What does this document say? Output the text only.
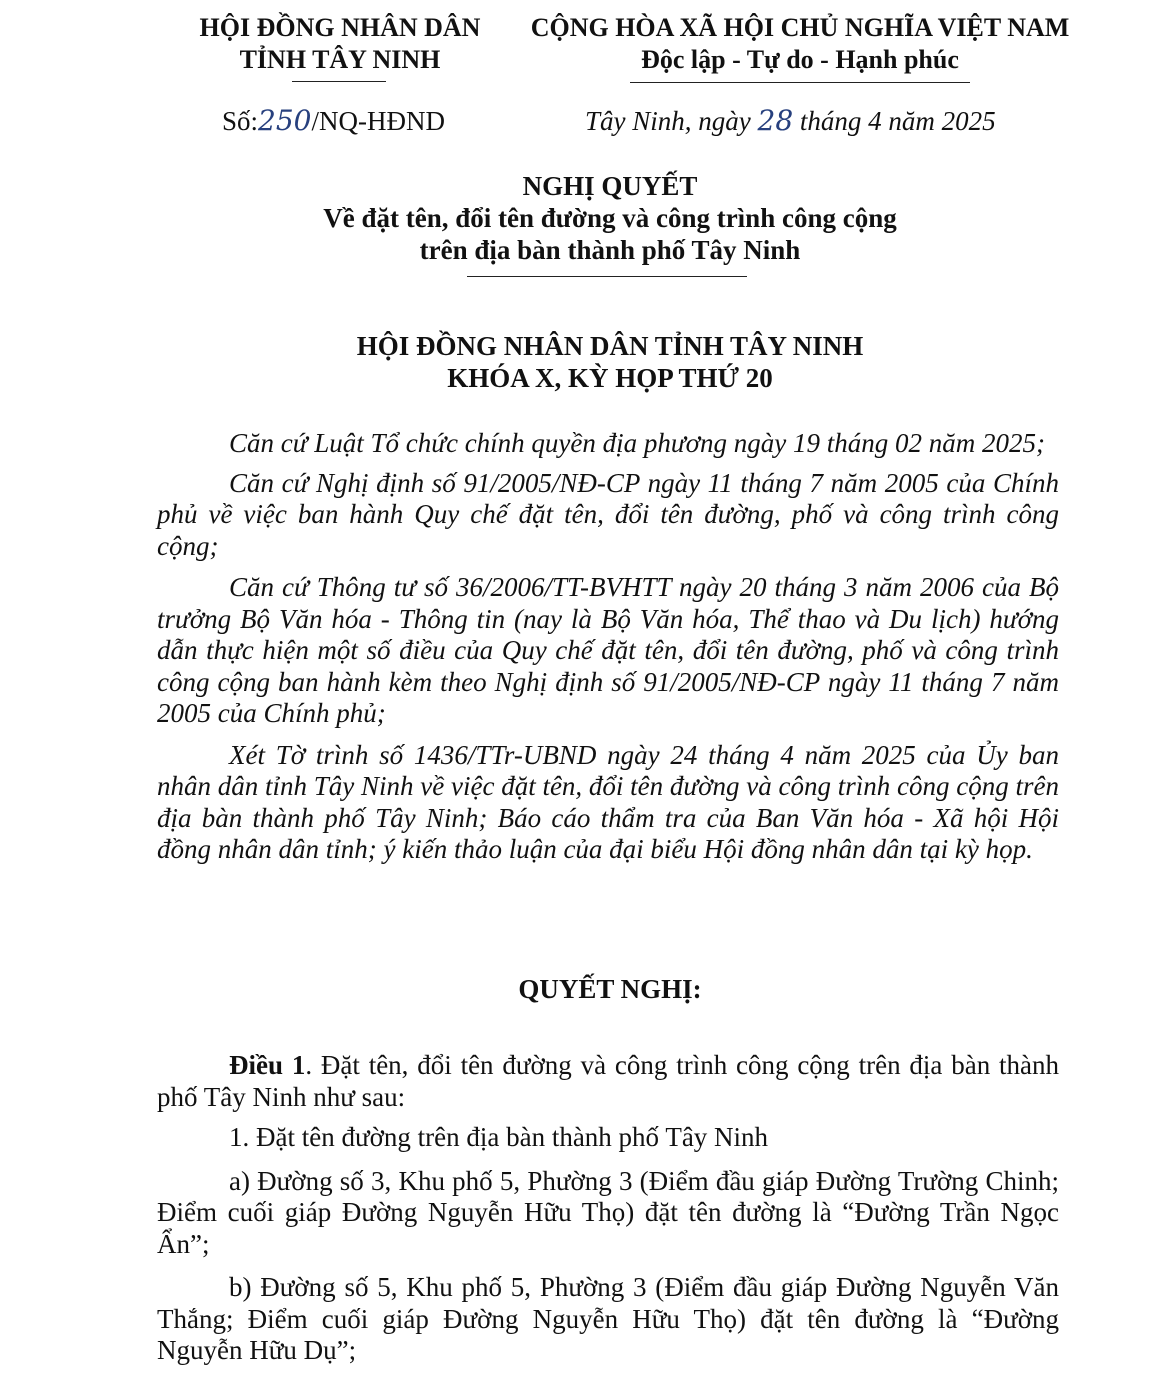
HỘI ĐỒNG NHÂN DÂN
TỈNH TÂY NINH
CỘNG HÒA XÃ HỘI CHỦ NGHĨA VIỆT NAM
Độc lập - Tự do - Hạnh phúc
Số:250/NQ-HĐND	Tây Ninh, ngày 28 tháng 4 năm 2025
NGHỊ QUYẾT
Về đặt tên, đổi tên đường và công trình công cộng
trên địa bàn thành phố Tây Ninh
HỘI ĐỒNG NHÂN DÂN TỈNH TÂY NINH
KHÓA X, KỲ HỌP THỨ 20

Căn cứ Luật Tổ chức chính quyền địa phương ngày 19 tháng 02 năm 2025;

Căn cứ Nghị định số 91/2005/NĐ-CP ngày 11 tháng 7 năm 2005 của Chính phủ về việc ban hành Quy chế đặt tên, đổi tên đường, phố và công trình công cộng;

Căn cứ Thông tư số 36/2006/TT-BVHTT ngày 20 tháng 3 năm 2006 của Bộ trưởng Bộ Văn hóa - Thông tin (nay là Bộ Văn hóa, Thể thao và Du lịch) hướng dẫn thực hiện một số điều của Quy chế đặt tên, đổi tên đường, phố và công trình công cộng ban hành kèm theo Nghị định số 91/2005/NĐ-CP ngày 11 tháng 7 năm 2005 của Chính phủ;

Xét Tờ trình số 1436/TTr-UBND ngày 24 tháng 4 năm 2025 của Ủy ban nhân dân tỉnh Tây Ninh về việc đặt tên, đổi tên đường và công trình công cộng trên địa bàn thành phố Tây Ninh; Báo cáo thẩm tra của Ban Văn hóa - Xã hội Hội đồng nhân dân tỉnh; ý kiến thảo luận của đại biểu Hội đồng nhân dân tại kỳ họp.

QUYẾT NGHỊ:

Điều 1. Đặt tên, đổi tên đường và công trình công cộng trên địa bàn thành phố Tây Ninh như sau:

1. Đặt tên đường trên địa bàn thành phố Tây Ninh

a) Đường số 3, Khu phố 5, Phường 3 (Điểm đầu giáp Đường Trường Chinh; Điểm cuối giáp Đường Nguyễn Hữu Thọ) đặt tên đường là “Đường Trần Ngọc Ẩn”;

b) Đường số 5, Khu phố 5, Phường 3 (Điểm đầu giáp Đường Nguyễn Văn Thắng; Điểm cuối giáp Đường Nguyễn Hữu Thọ) đặt tên đường là “Đường Nguyễn Hữu Dụ”;
